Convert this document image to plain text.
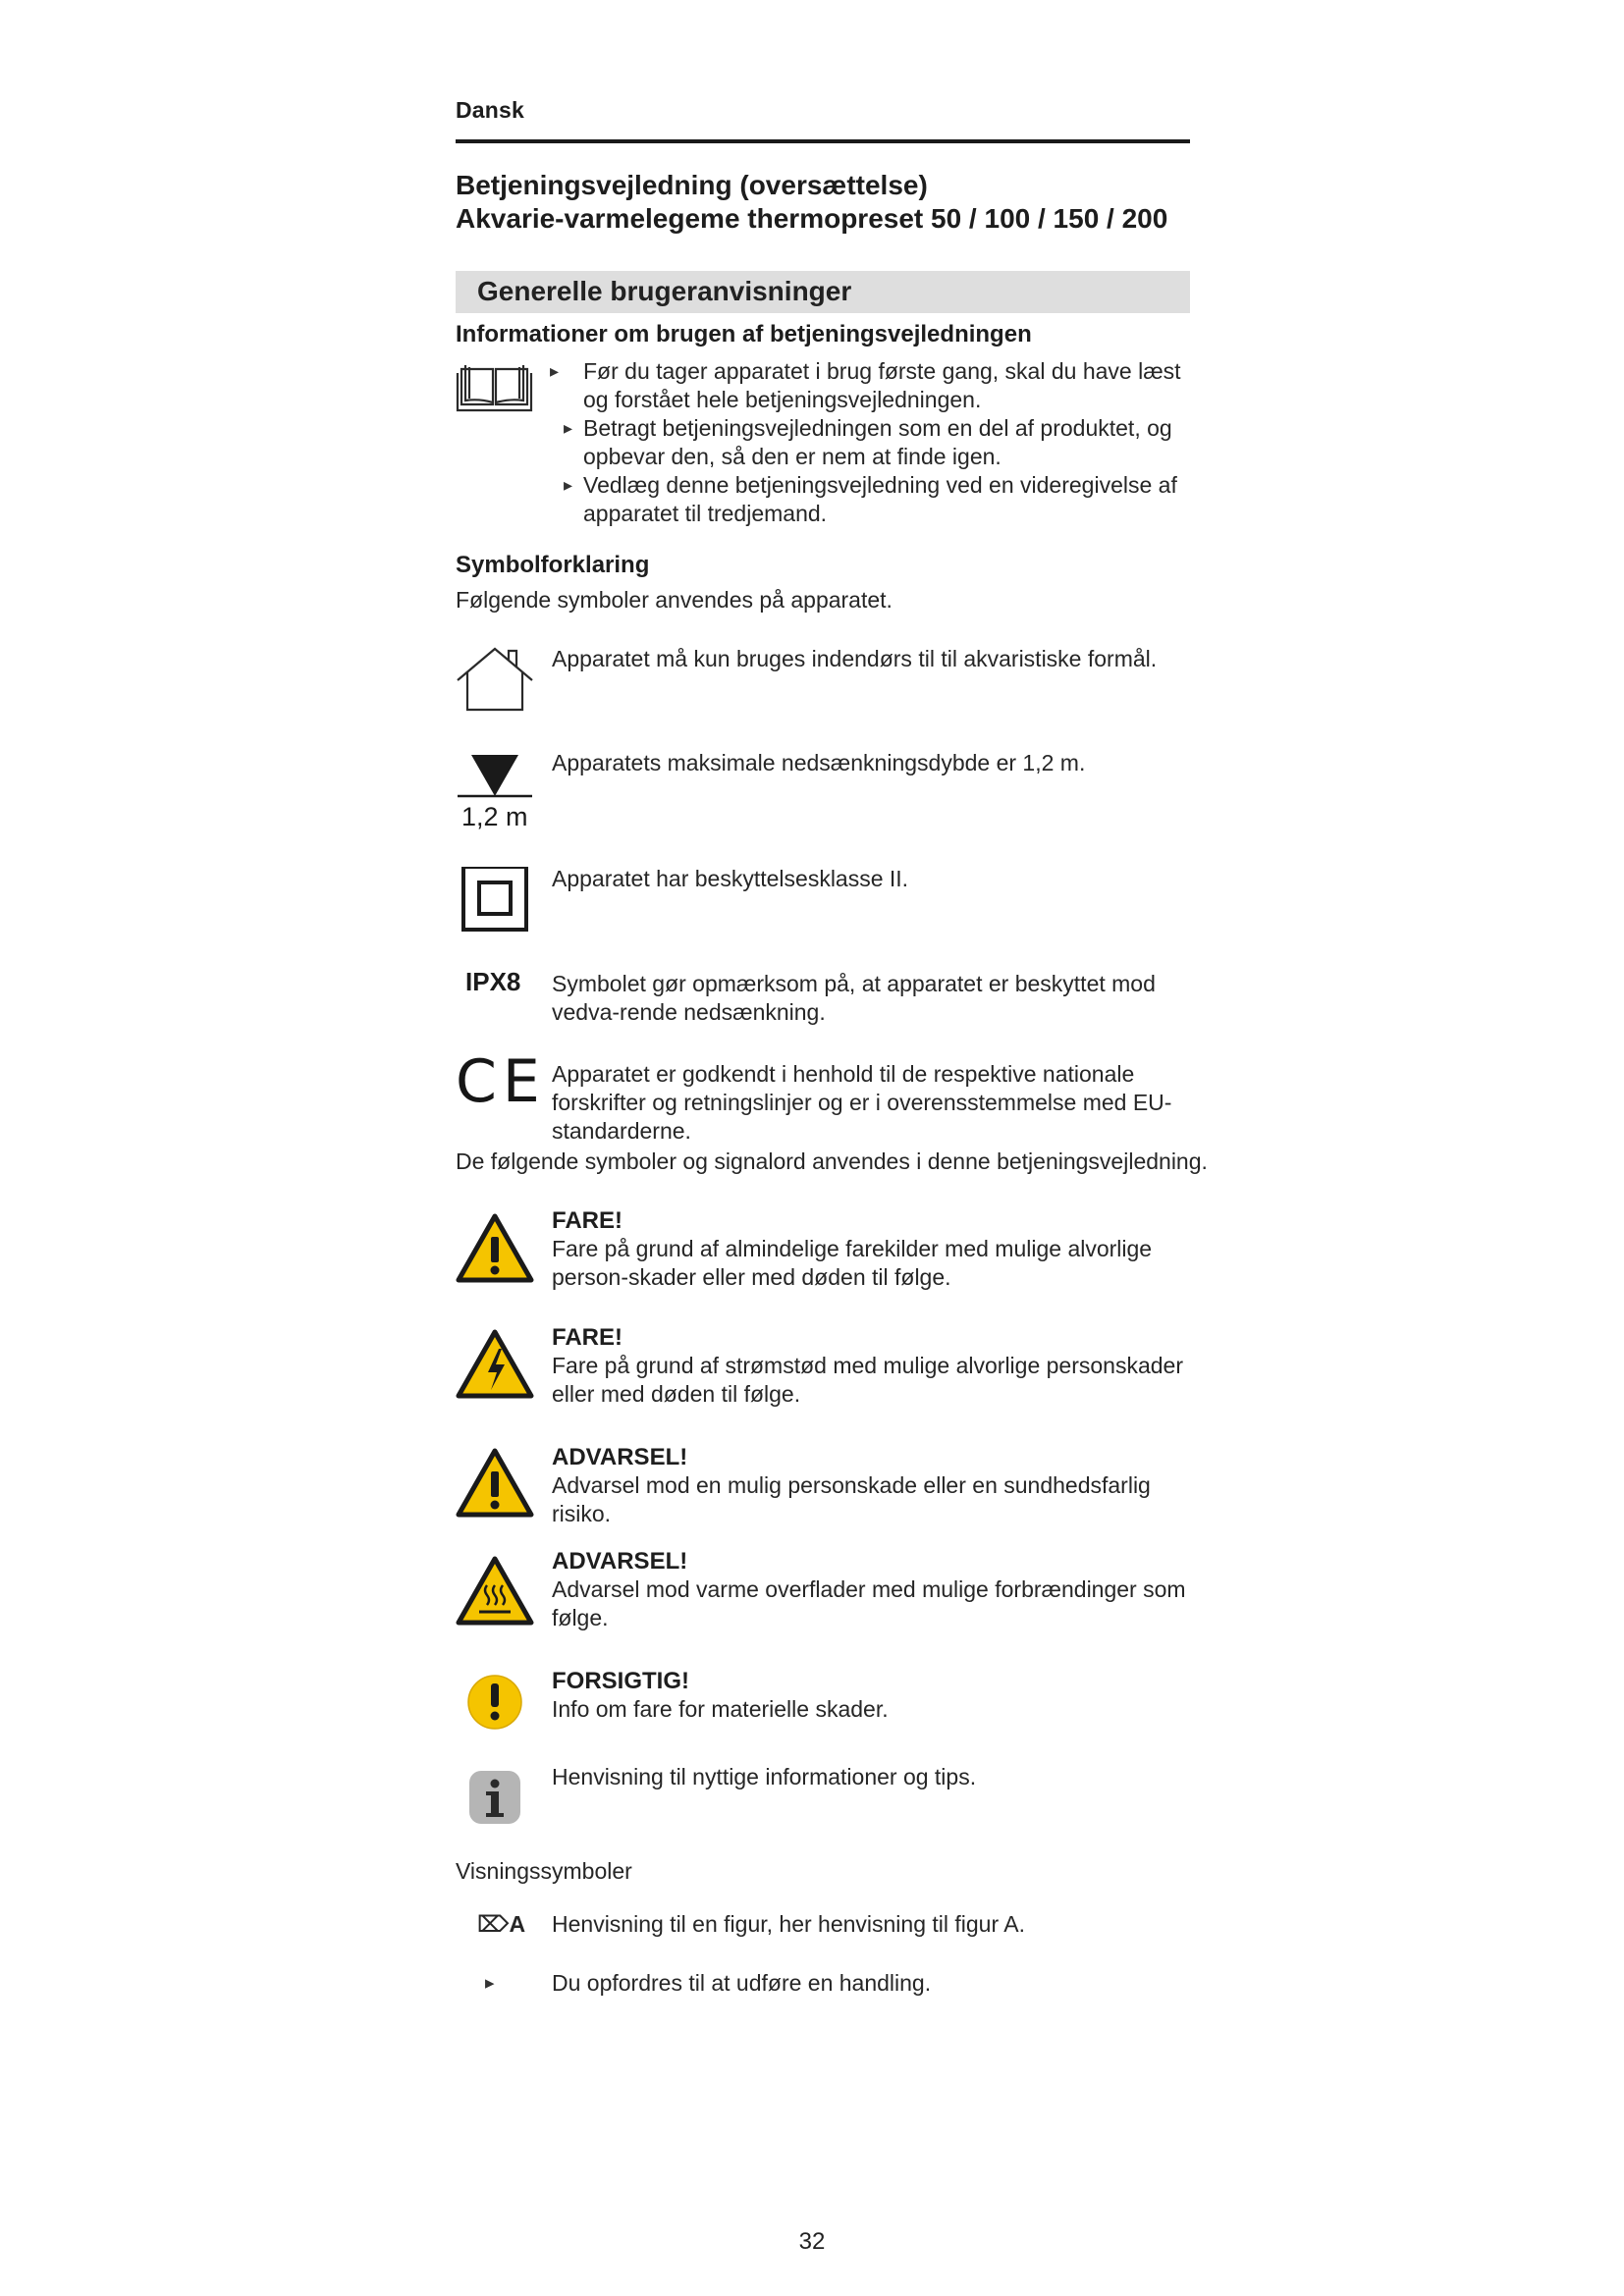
Dansk
Betjeningsvejledning (oversættelse)
Akvarie-varmelegeme thermopreset 50 / 100 / 150 / 200
Generelle brugeranvisninger
Informationer om brugen af betjeningsvejledningen
▸ Før du tager apparatet i brug første gang, skal du have læst og forstået hele betjeningsvejledningen.
▸ Betragt betjeningsvejledningen som en del af produktet, og opbevar den, så den er nem at finde igen.
▸ Vedlæg denne betjeningsvejledning ved en videregivelse af apparatet til tredjemand.
Symbolforklaring
Følgende symboler anvendes på apparatet.
Apparatet må kun bruges indendørs til til akvaristiske formål.
1,2 m
Apparatets maksimale nedsænkningsdybde er 1,2 m.
Apparatet har beskyttelsesklasse II.
IPX8 Symbolet gør opmærksom på, at apparatet er beskyttet mod vedva-rende nedsænkning.
CE Apparatet er godkendt i henhold til de respektive nationale forskrifter og retningslinjer og er i overensstemmelse med EU-standarderne.
De følgende symboler og signalord anvendes i denne betjeningsvejledning.
FARE!
Fare på grund af almindelige farekilder med mulige alvorlige person-skader eller med døden til følge.
FARE!
Fare på grund af strømstød med mulige alvorlige personskader eller med døden til følge.
ADVARSEL!
Advarsel mod en mulig personskade eller en sundhedsfarlig risiko.
ADVARSEL!
Advarsel mod varme overflader med mulige forbrændinger som følge.
FORSIGTIG!
Info om fare for materielle skader.
Henvisning til nyttige informationer og tips.
Visningssymboler
⌦A Henvisning til en figur, her henvisning til figur A.
▸	Du opfordres til at udføre en handling.
32
